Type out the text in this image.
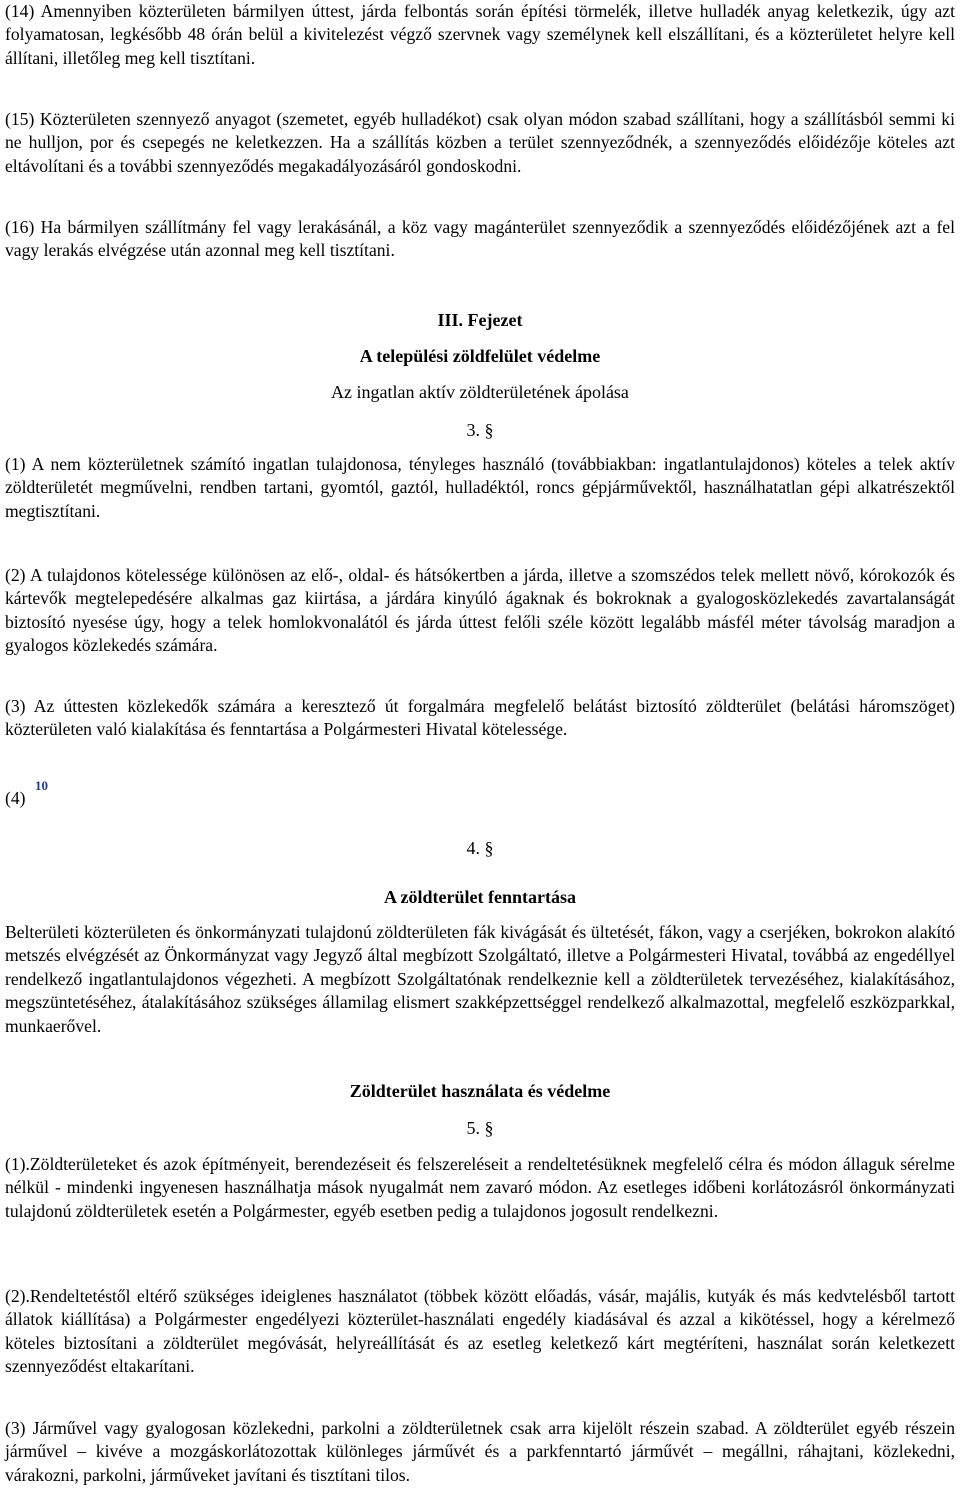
(14) Amennyiben közterületen bármilyen úttest, járda felbontás során építési törmelék, illetve hulladék anyag keletkezik, úgy azt folyamatosan, legkésőbb 48 órán belül a kivitelezést végző szervnek vagy személynek kell elszállítani, és a közterületet helyre kell állítani, illetőleg meg kell tisztítani.

(15) Közterületen szennyező anyagot (szemetet, egyéb hulladékot) csak olyan módon szabad szállítani, hogy a szállításból semmi ki ne hulljon, por és csepegés ne keletkezzen. Ha a szállítás közben a terület szennyeződnék, a szennyeződés előidézője köteles azt eltávolítani és a további szennyeződés megakadályozásáról gondoskodni.

(16) Ha bármilyen szállítmány fel vagy lerakásánál, a köz vagy magánterület szennyeződik a szennyeződés előidézőjének azt a fel vagy lerakás elvégzése után azonnal meg kell tisztítani.

III. Fejezet

A települési zöldfelület védelme

Az ingatlan aktív zöldterületének ápolása

3. §

(1) A nem közterületnek számító ingatlan tulajdonosa, tényleges használó (továbbiakban: ingatlantulajdonos) köteles a telek aktív zöldterületét megművelni, rendben tartani, gyomtól, gaztól, hulladéktól, roncs gépjárművektől, használhatatlan gépi alkatrészektől megtisztítani.

(2) A tulajdonos kötelessége különösen az elő-, oldal- és hátsókertben a járda, illetve a szomszédos telek mellett növő, kórokozók és kártevők megtelepedésére alkalmas gaz kiirtása, a járdára kinyúló ágaknak és bokroknak a gyalogosközlekedés zavartalanságát biztosító nyesése úgy, hogy a telek homlokvonalától és járda úttest felőli széle között legalább másfél méter távolság maradjon a gyalogos közlekedés számára.

(3) Az úttesten közlekedők számára a keresztező út forgalmára megfelelő belátást biztosító zöldterület (belátási háromszöget) közterületen való kialakítása és fenntartása a Polgármesteri Hivatal kötelessége.

(4)

10

4. §

A zöldterület fenntartása

Belterületi közterületen és önkormányzati tulajdonú zöldterületen fák kivágását és ültetését, fákon, vagy a cserjéken, bokrokon alakító metszés elvégzését az Önkormányzat vagy Jegyző által megbízott Szolgáltató, illetve a Polgármesteri Hivatal, továbbá az engedéllyel rendelkező ingatlantulajdonos végezheti. A megbízott Szolgáltatónak rendelkeznie kell a zöldterületek tervezéséhez, kialakításához, megszüntetéséhez, átalakításához szükséges államilag elismert szakképzettséggel rendelkező alkalmazottal, megfelelő eszközparkkal, munkaerővel.

Zöldterület használata és védelme

5. §

(1).Zöldterületeket és azok építményeit, berendezéseit és felszereléseit a rendeltetésüknek megfelelő célra és módon állaguk sérelme nélkül - mindenki ingyenesen használhatja mások nyugalmát nem zavaró módon. Az esetleges időbeni korlátozásról önkormányzati tulajdonú zöldterületek esetén a Polgármester, egyéb esetben pedig a tulajdonos jogosult rendelkezni.

(2).Rendeltetéstől eltérő szükséges ideiglenes használatot (többek között előadás, vásár, majális, kutyák és más kedvtelésből tartott állatok kiállítása) a Polgármester engedélyezi közterület-használati engedély kiadásával és azzal a kikötéssel, hogy a kérelmező köteles biztosítani a zöldterület megóvását, helyreállítását és az esetleg keletkező kárt megtéríteni, használat során keletkezett szennyeződést eltakarítani.

(3) Járművel vagy gyalogosan közlekedni, parkolni a zöldterületnek csak arra kijelölt részein szabad. A zöldterület egyéb részein járművel – kivéve a mozgáskorlátozottak különleges járművét és a parkfenntartó járművét – megállni, ráhajtani, közlekedni, várakozni, parkolni, járműveket javítani és tisztítani tilos.
